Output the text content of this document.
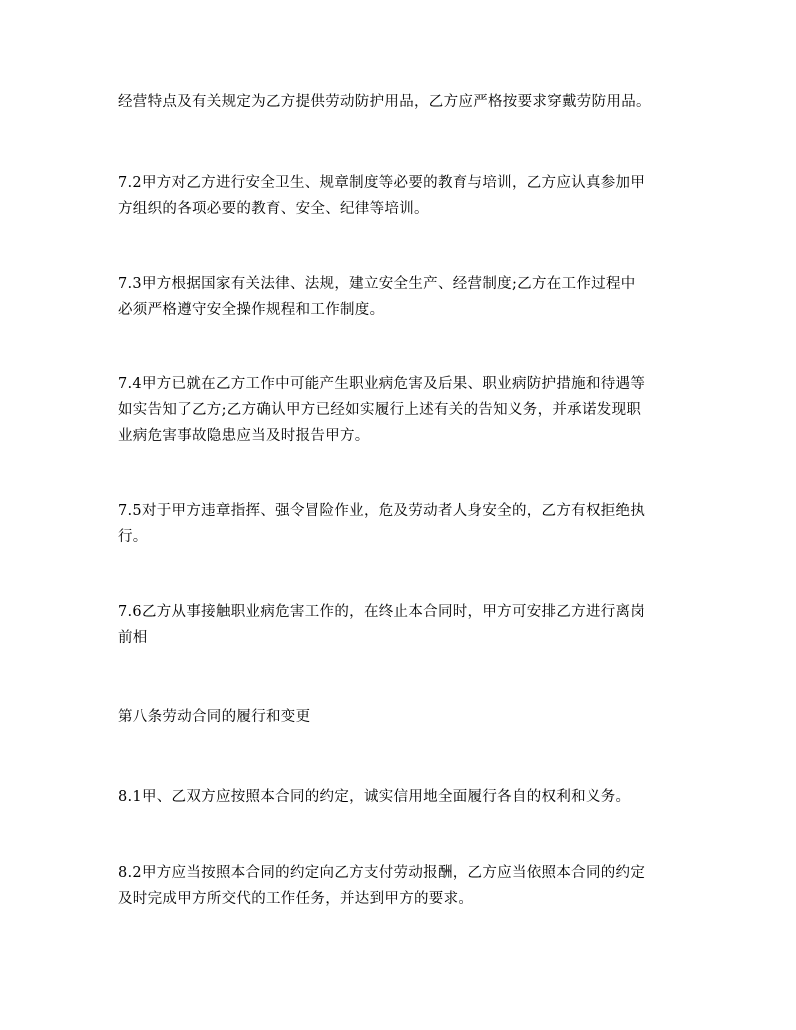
经营特点及有关规定为乙方提供劳动防护用品，乙方应严格按要求穿戴劳防用品。
7.2甲方对乙方进行安全卫生、规章制度等必要的教育与培训，乙方应认真参加甲
方组织的各项必要的教育、安全、纪律等培训。
7.3甲方根据国家有关法律、法规，建立安全生产、经营制度;乙方在工作过程中
必须严格遵守安全操作规程和工作制度。
7.4甲方已就在乙方工作中可能产生职业病危害及后果、职业病防护措施和待遇等
如实告知了乙方;乙方确认甲方已经如实履行上述有关的告知义务，并承诺发现职
业病危害事故隐患应当及时报告甲方。
7.5对于甲方违章指挥、强令冒险作业，危及劳动者人身安全的，乙方有权拒绝执
行。
7.6乙方从事接触职业病危害工作的，在终止本合同时，甲方可安排乙方进行离岗
前相
第八条劳动合同的履行和变更
8.1甲、乙双方应按照本合同的约定，诚实信用地全面履行各自的权利和义务。
8.2甲方应当按照本合同的约定向乙方支付劳动报酬，乙方应当依照本合同的约定
及时完成甲方所交代的工作任务，并达到甲方的要求。
